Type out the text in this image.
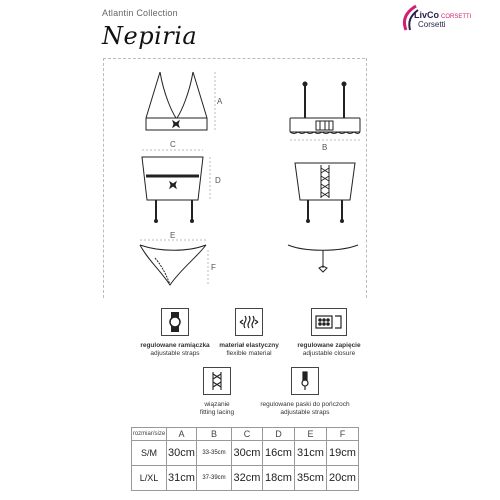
Atlantin Collection
Nepiria
LivCo CORSETTI
Corsetti
A
B
C
D
E
F
regulowane ramiączka
adjustable straps
materiał elastyczny
flexible material
regulowane zapięcie
adjustable closure
wiązanie
fitting lacing
regulowane paski do pończoch
adjustable straps
rozmiar/size	A	B	C	D	E	F
S/M	30cm	33-35cm	30cm	16cm	31cm	19cm
L/XL	31cm	37-39cm	32cm	18cm	35cm	20cm
